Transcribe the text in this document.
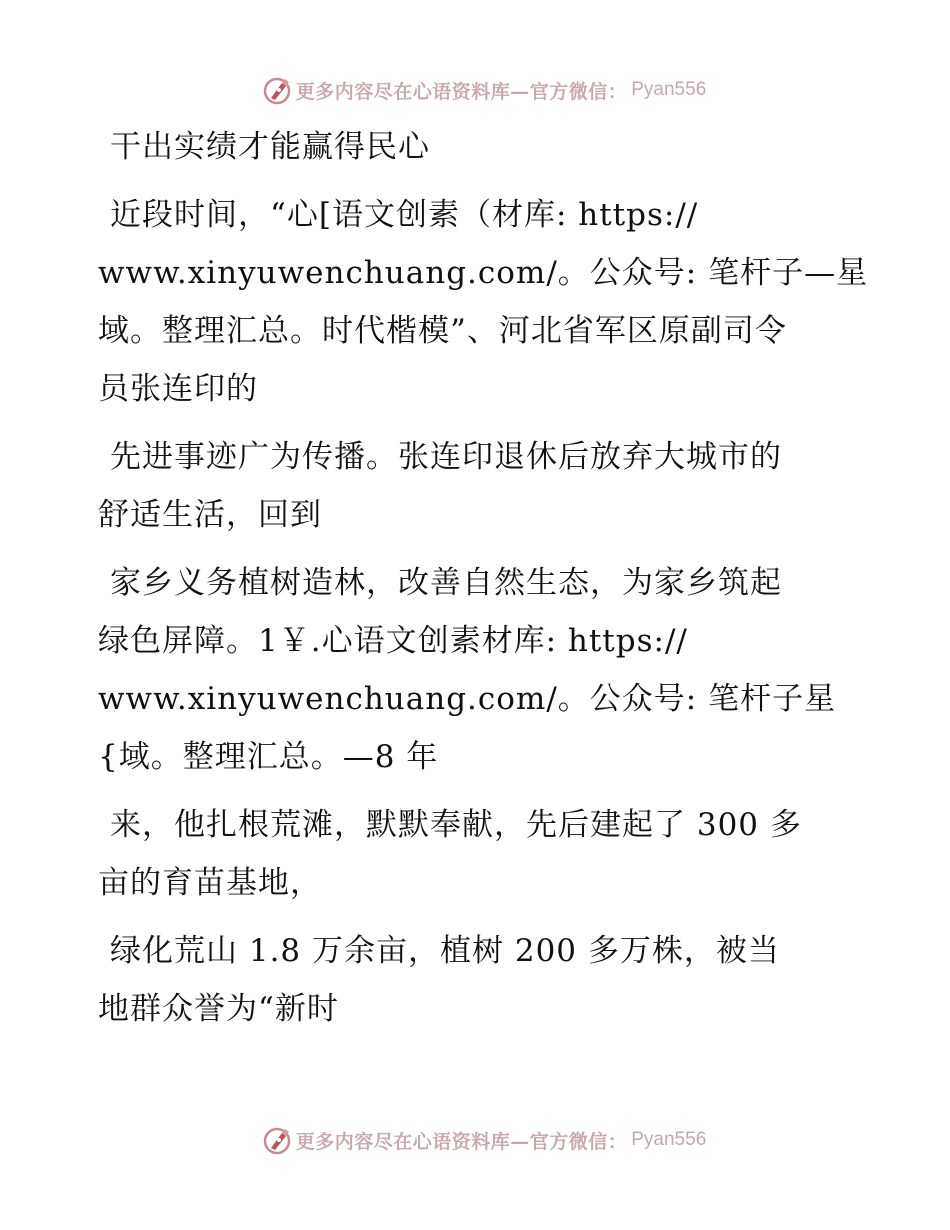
更多内容尽在心语资料库—官方微信： Pyan556
干出实绩才能赢得民心
近段时间，“心[语文创素（材库: https://
www.xinyuwenchuang.com/。公众号: 笔杆子—星
域。整理汇总。时代楷模”、河北省军区原副司令
员张连印的
先进事迹广为传播。张连印退休后放弃大城市的
舒适生活，回到
家乡义务植树造林，改善自然生态，为家乡筑起
绿色屏障。1￥.心语文创素材库: https://
www.xinyuwenchuang.com/。公众号: 笔杆子星
{域。整理汇总。—8 年
来，他扎根荒滩，默默奉献，先后建起了 300 多
亩的育苗基地，
绿化荒山 1.8 万余亩，植树 200 多万株，被当
地群众誉为“新时
更多内容尽在心语资料库—官方微信： Pyan556
